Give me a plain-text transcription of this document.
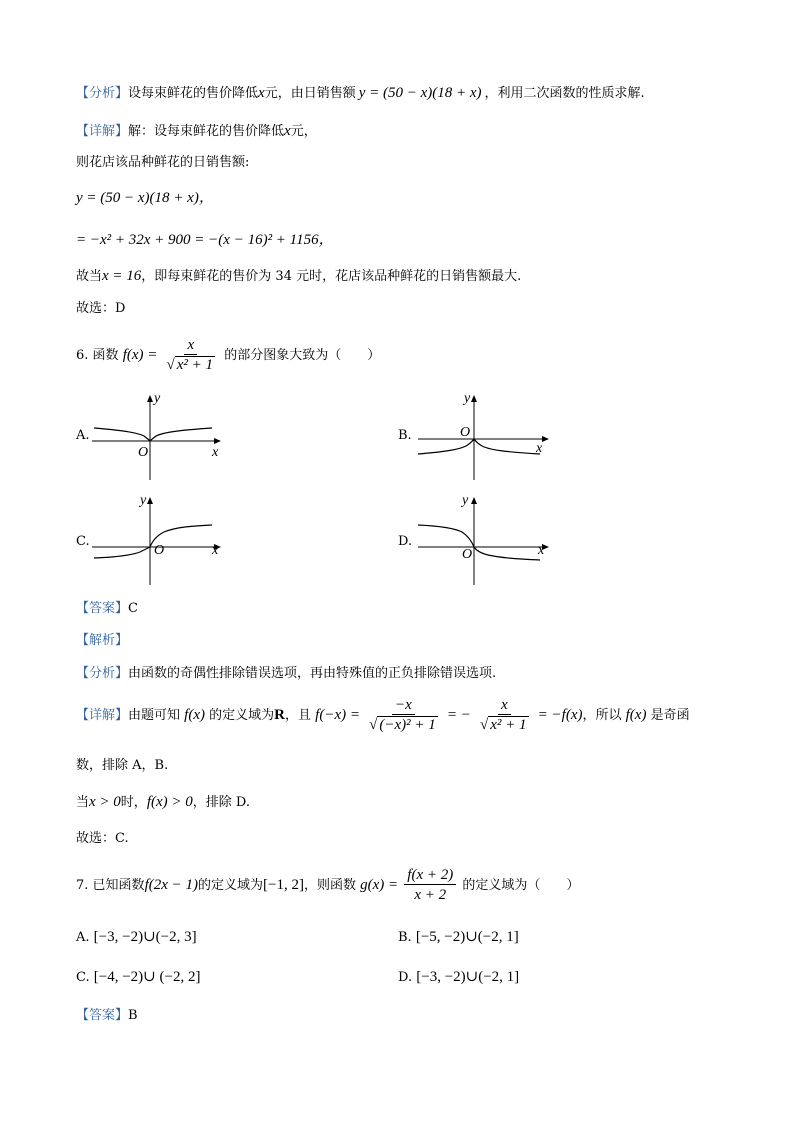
【分析】设每束鲜花的售价降低x元，由日销售额 y = (50 − x)(18 + x) ，利用二次函数的性质求解.
【详解】解：设每束鲜花的售价降低x元，
则花店该品种鲜花的日销售额:
y = (50 − x)(18 + x)，
= −x² + 32x + 900 = −(x − 16)² + 1156，
故当x = 16，即每束鲜花的售价为 34 元时，花店该品种鲜花的日销售额最大.
故选：D
6. 函数 $f(x) = \frac{x}{\text{√ x² + 1}}$ 的部分图象大致为（　　）
A.
y
x
O
B.
y
x
O
C.
y
x
O
D.
y
x
O
【答案】C
【解析】
【分析】由函数的奇偶性排除错误选项，再由特殊值的正负排除错误选项.
【详解】由题可知 f(x) 的定义域为R，且 $f(-x) = \frac{-x}{\text{√ (−x)² + 1}}$ = − $\frac{x}{\text{√ x² + 1}} = -f(x)$，所以 f(x) 是奇函
数，排除 A，B.
当x > 0时，f(x) > 0，排除 D.
故选：C.
7. 已知函数f(2x − 1)的定义域为[−1, 2]，则函数 $g(x) = \frac{f(x + 2)}{x + 2}$ 的定义域为（　　）
A. [−3, −2)∪(−2, 3]	B. [−5, −2)∪(−2, 1]
C. [−4, −2)∪ (−2, 2]	D. [−3, −2)∪(−2, 1]
【答案】B
